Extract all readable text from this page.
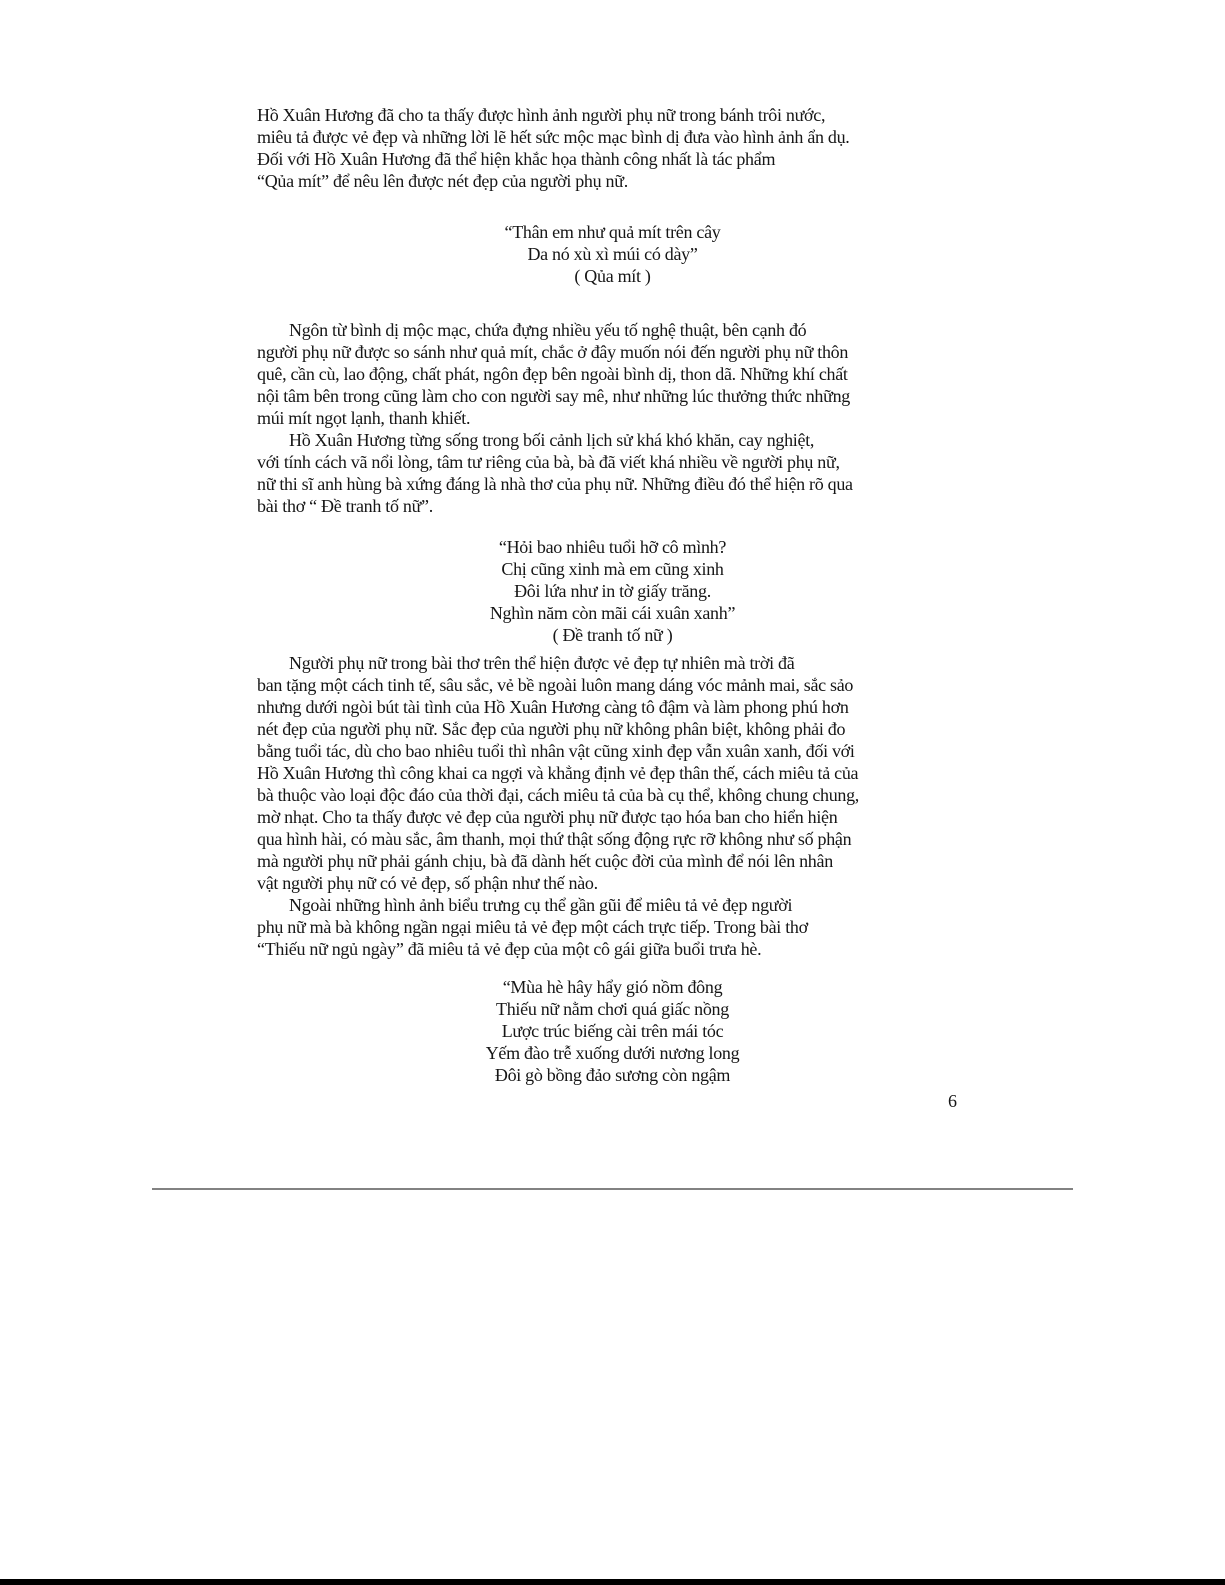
Hồ Xuân Hương đã cho ta thấy được hình ảnh người phụ nữ trong bánh trôi nước,
miêu tả được vẻ đẹp và những lời lẽ hết sức mộc mạc bình dị đưa vào hình ảnh ẩn dụ.
Đối với Hồ Xuân Hương đã thể hiện khắc họa thành công nhất là tác phẩm
“Qủa mít” để nêu lên được nét đẹp của người phụ nữ.
“Thân em như quả mít trên cây
Da nó xù xì múi có dày”
( Qủa mít )
Ngôn từ bình dị mộc mạc, chứa đựng nhiều yếu tố nghệ thuật, bên cạnh đó
người phụ nữ được so sánh như quả mít, chắc ở đây muốn nói đến người phụ nữ thôn
quê, cần cù, lao động, chất phát, ngôn đẹp bên ngoài bình dị, thon dã. Những khí chất
nội tâm bên trong cũng làm cho con người say mê, như những lúc thưởng thức những
múi mít ngọt lạnh, thanh khiết.
Hồ Xuân Hương từng sống trong bối cảnh lịch sử khá khó khăn, cay nghiệt,
với tính cách vã nổi lòng, tâm tư riêng của bà, bà đã viết khá nhiều về người phụ nữ,
nữ thi sĩ anh hùng bà xứng đáng là nhà thơ của phụ nữ. Những điều đó thể hiện rõ qua
bài thơ “ Đề tranh tố nữ”.
“Hỏi bao nhiêu tuổi hỡ cô mình?
Chị cũng xinh mà em cũng xinh
Đôi lứa như in tờ giấy trăng.
Nghìn năm còn mãi cái xuân xanh”
( Đề tranh tố nữ )
Người phụ nữ trong bài thơ trên thể hiện được vẻ đẹp tự nhiên mà trời đã
ban tặng một cách tinh tế, sâu sắc, vẻ bề ngoài luôn mang dáng vóc mảnh mai, sắc sảo
nhưng dưới ngòi bút tài tình của Hồ Xuân Hương càng tô đậm và làm phong phú hơn
nét đẹp của người phụ nữ. Sắc đẹp của người phụ nữ không phân biệt, không phải đo
bằng tuổi tác, dù cho bao nhiêu tuổi thì nhân vật cũng xinh đẹp vẫn xuân xanh, đối với
Hồ Xuân Hương thì công khai ca ngợi và khẳng định vẻ đẹp thân thế, cách miêu tả của
bà thuộc vào loại độc đáo của thời đại, cách miêu tả của bà cụ thể, không chung chung,
mờ nhạt. Cho ta thấy được vẻ đẹp của người phụ nữ được tạo hóa ban cho hiển hiện
qua hình hài, có màu sắc, âm thanh, mọi thứ thật sống động rực rỡ không như số phận
mà người phụ nữ phải gánh chịu, bà đã dành hết cuộc đời của mình để nói lên nhân
vật người phụ nữ có vẻ đẹp, số phận như thế nào.
Ngoài những hình ảnh biểu trưng cụ thể gần gũi để miêu tả vẻ đẹp người
phụ nữ mà bà không ngần ngại miêu tả vẻ đẹp một cách trực tiếp. Trong bài thơ
“Thiếu nữ ngủ ngày” đã miêu tả vẻ đẹp của một cô gái giữa buổi trưa hè.
“Mùa hè hây hẩy gió nồm đông
Thiếu nữ nằm chơi quá giấc nồng
Lược trúc biếng cài trên mái tóc
Yếm đào trễ xuống dưới nương long
Đôi gò bồng đảo sương còn ngậm
6
